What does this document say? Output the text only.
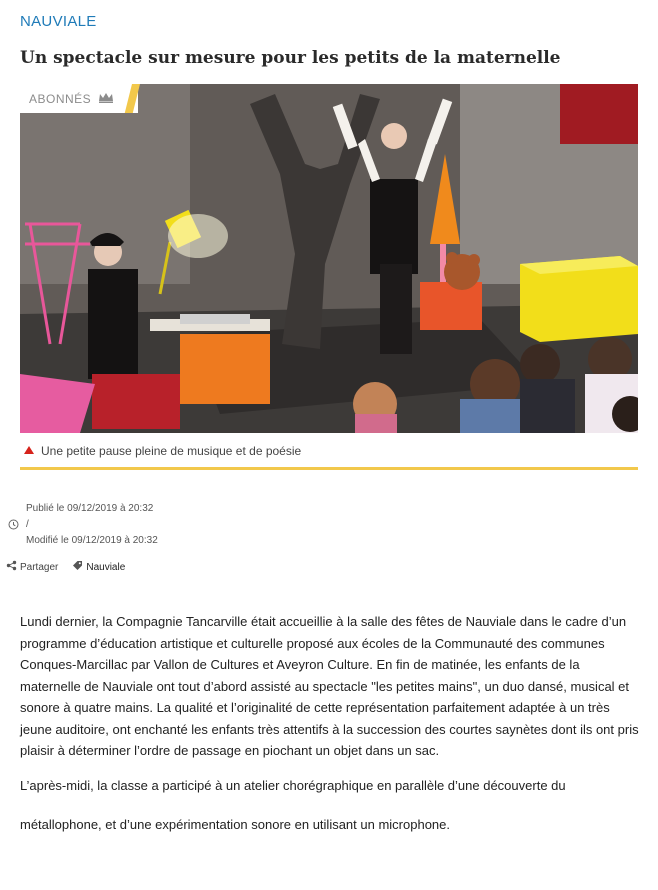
NAUVIALE
Un spectacle sur mesure pour les petits de la maternelle
ABONNÉS
Une petite pause pleine de musique et de poésie
Publié le 09/12/2019 à 20:32
/
Modifié le 09/12/2019 à 20:32
Partager	Nauviale

Lundi dernier, la Compagnie Tancarville était accueillie à la salle des fêtes de Nauviale dans le cadre d’un programme d’éducation artistique et culturelle proposé aux écoles de la Communauté des communes Conques-Marcillac par Vallon de Cultures et Aveyron Culture. En fin de matinée, les enfants de la maternelle de Nauviale ont tout d’abord assisté au spectacle "les petites mains", un duo dansé, musical et sonore à quatre mains. La qualité et l’originalité de cette représentation parfaitement adaptée à un très jeune auditoire, ont enchanté les enfants très attentifs à la succession des courtes saynètes dont ils ont pris plaisir à déterminer l’ordre de passage en piochant un objet dans un sac.

L’après-midi, la classe a participé à un atelier chorégraphique en parallèle d’une découverte du métallophone, et d’une expérimentation sonore en utilisant un microphone.
